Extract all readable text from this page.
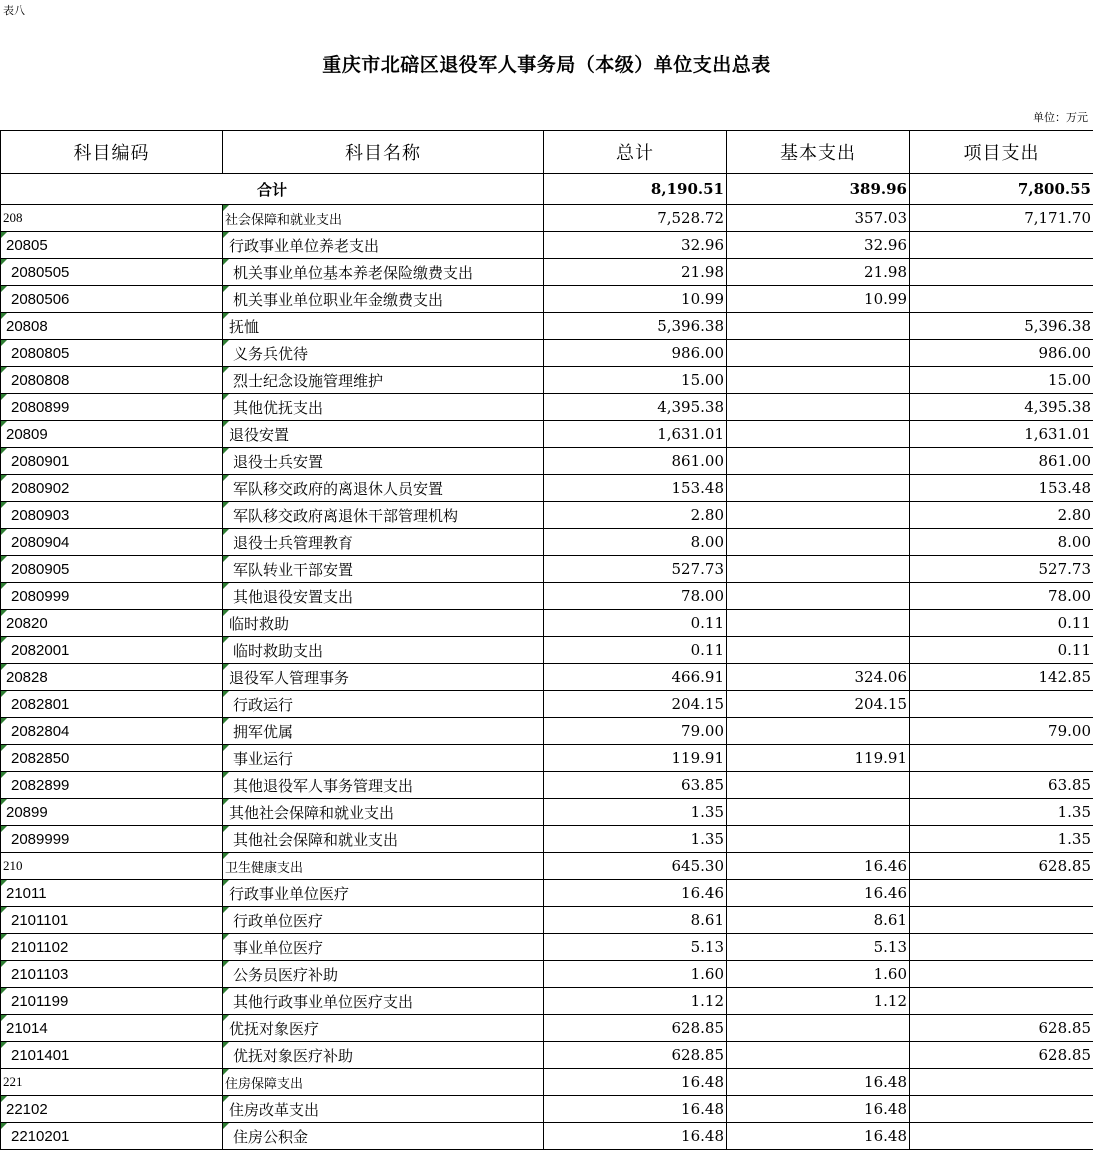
表八
重庆市北碚区退役军人事务局（本级）单位支出总表
单位：万元
科目编码	科目名称	总计	基本支出	项目支出
合计		8,190.51	389.96	7,800.55
208	社会保障和就业支出	7,528.72	357.03	7,171.70
20805	行政事业单位养老支出	32.96	32.96	
2080505	机关事业单位基本养老保险缴费支出	21.98	21.98	
2080506	机关事业单位职业年金缴费支出	10.99	10.99	
20808	抚恤	5,396.38		5,396.38
2080805	义务兵优待	986.00		986.00
2080808	烈士纪念设施管理维护	15.00		15.00
2080899	其他优抚支出	4,395.38		4,395.38
20809	退役安置	1,631.01		1,631.01
2080901	退役士兵安置	861.00		861.00
2080902	军队移交政府的离退休人员安置	153.48		153.48
2080903	军队移交政府离退休干部管理机构	2.80		2.80
2080904	退役士兵管理教育	8.00		8.00
2080905	军队转业干部安置	527.73		527.73
2080999	其他退役安置支出	78.00		78.00
20820	临时救助	0.11		0.11
2082001	临时救助支出	0.11		0.11
20828	退役军人管理事务	466.91	324.06	142.85
2082801	行政运行	204.15	204.15	
2082804	拥军优属	79.00		79.00
2082850	事业运行	119.91	119.91	
2082899	其他退役军人事务管理支出	63.85		63.85
20899	其他社会保障和就业支出	1.35		1.35
2089999	其他社会保障和就业支出	1.35		1.35
210	卫生健康支出	645.30	16.46	628.85
21011	行政事业单位医疗	16.46	16.46	
2101101	行政单位医疗	8.61	8.61	
2101102	事业单位医疗	5.13	5.13	
2101103	公务员医疗补助	1.60	1.60	
2101199	其他行政事业单位医疗支出	1.12	1.12	
21014	优抚对象医疗	628.85		628.85
2101401	优抚对象医疗补助	628.85		628.85
221	住房保障支出	16.48	16.48	
22102	住房改革支出	16.48	16.48	
2210201	住房公积金	16.48	16.48	
